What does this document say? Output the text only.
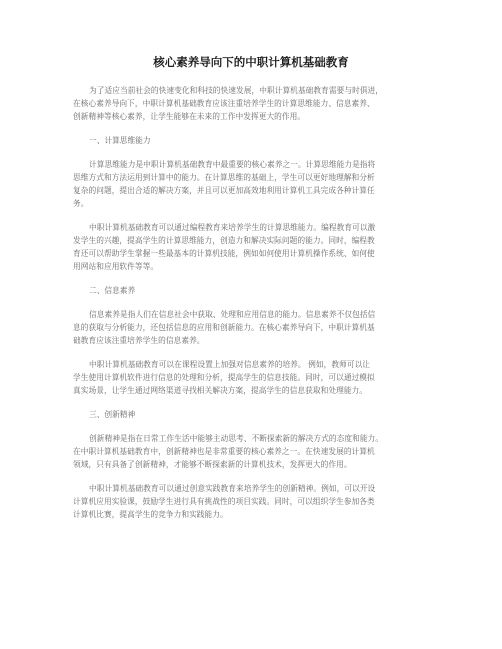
核心素养导向下的中职计算机基础教育
为了适应当前社会的快速变化和科技的快速发展，中职计算机基础教育需要与时俱进，
在核心素养导向下，中职计算机基础教育应该注重培养学生的计算思维能力、信息素养、
创新精神等核心素养，让学生能够在未来的工作中发挥更大的作用。
一、计算思维能力
计算思维能力是中职计算机基础教育中最重要的核心素养之一。计算思维能力是指将
思维方式和方法运用到计算中的能力。在计算思维的基础上，学生可以更好地理解和分析
复杂的问题，提出合适的解决方案，并且可以更加高效地利用计算机工具完成各种计算任
务。
中职计算机基础教育可以通过编程教育来培养学生的计算思维能力。编程教育可以激
发学生的兴趣，提高学生的计算思维能力，创造力和解决实际问题的能力。同时，编程教
育还可以帮助学生掌握一些最基本的计算机技能，例如如何使用计算机操作系统、如何使
用网站和应用软件等等。
二、信息素养
信息素养是指人们在信息社会中获取、处理和应用信息的能力。信息素养不仅包括信
息的获取与分析能力，还包括信息的应用和创新能力。在核心素养导向下，中职计算机基
础教育应该注重培养学生的信息素养。
中职计算机基础教育可以在课程设置上加强对信息素养的培养。 例如，教师可以让
学生使用计算机软件进行信息的处理和分析，提高学生的信息技能。同时，可以通过模拟
真实场景，让学生通过网络渠道寻找相关解决方案，提高学生的信息获取和处理能力。
三、创新精神
创新精神是指在日常工作生活中能够主动思考、不断探索新的解决方式的态度和能力。
在中职计算机基础教育中，创新精神也是非常重要的核心素养之一。在快速发展的计算机
领域，只有具备了创新精神，才能够不断探索新的计算机技术，发挥更大的作用。
中职计算机基础教育可以通过创意实践教育来培养学生的创新精神。例如，可以开设
计算机应用实验课，鼓励学生进行具有挑战性的项目实践。同时，可以组织学生参加各类
计算机比赛，提高学生的竞争力和实践能力。
